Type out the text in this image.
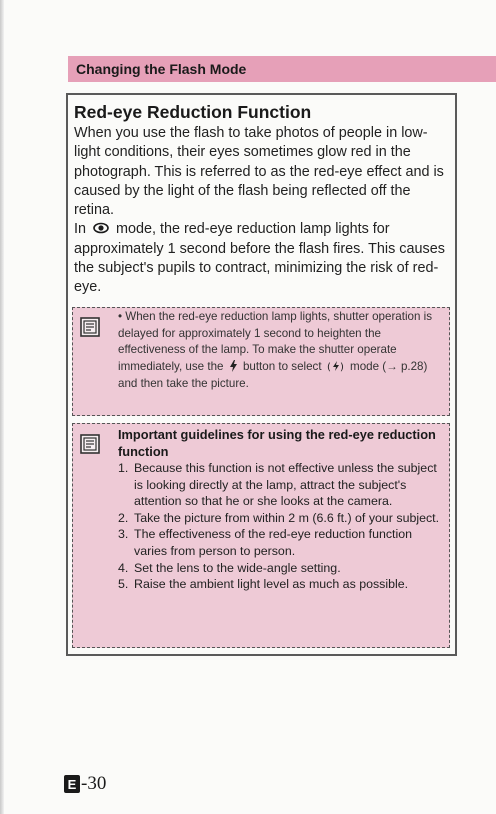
Changing the Flash Mode
Red-eye Reduction Function

When you use the flash to take photos of people in low-light conditions, their eyes sometimes glow red in the photograph. This is referred to as the red-eye effect and is caused by the light of the flash being reflected off the retina.

In mode, the red-eye reduction lamp lights for approximately 1 second before the flash fires. This causes the subject's pupils to contract, minimizing the risk of red-eye.

• When the red-eye reduction lamp lights, shutter operation is delayed for approximately 1 second to heighten the effectiveness of the lamp. To make the shutter operate immediately, use the button to select ( ) mode (→ p.28) and then take the picture.
Important guidelines for using the red-eye reduction function
1. Because this function is not effective unless the subject is looking directly at the lamp, attract the subject's attention so that he or she looks at the camera.
2. Take the picture from within 2 m (6.6 ft.) of your subject.
3. The effectiveness of the red-eye reduction function varies from person to person.
4. Set the lens to the wide-angle setting.
5. Raise the ambient light level as much as possible.
E -30
